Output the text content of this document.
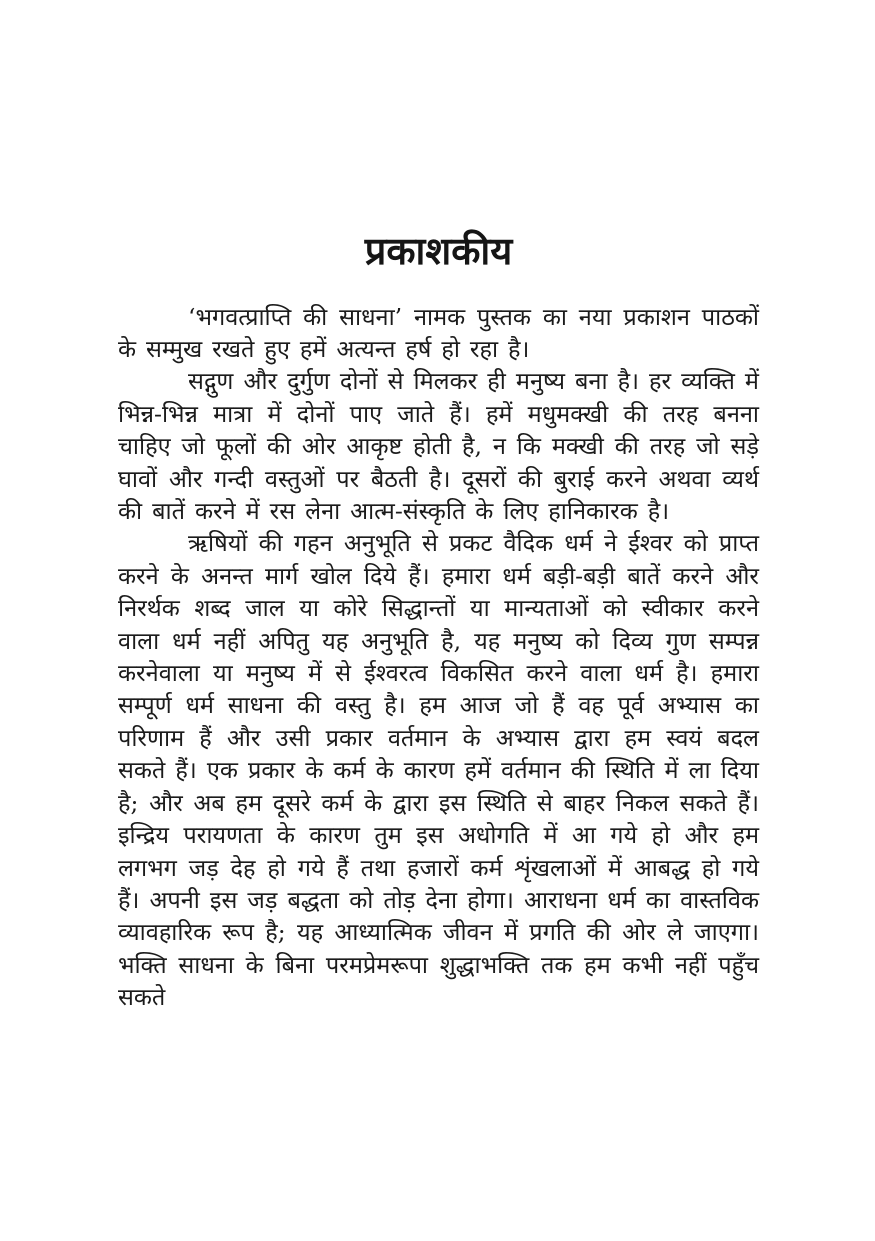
प्रकाशकीय

‘भगवत्प्राप्ति की साधना’ नामक पुस्तक का नया प्रकाशन पाठकों के सम्मुख रखते हुए हमें अत्यन्त हर्ष हो रहा है।

सद्गुण और दुर्गुण दोनों से मिलकर ही मनुष्य बना है। हर व्यक्ति में भिन्न-भिन्न मात्रा में दोनों पाए जाते हैं। हमें मधुमक्खी की तरह बनना चाहिए जो फूलों की ओर आकृष्ट होती है, न कि मक्खी की तरह जो सड़े घावों और गन्दी वस्तुओं पर बैठती है। दूसरों की बुराई करने अथवा व्यर्थ की बातें करने में रस लेना आत्म-संस्कृति के लिए हानिकारक है।

ऋषियों की गहन अनुभूति से प्रकट वैदिक धर्म ने ईश्वर को प्राप्त करने के अनन्त मार्ग खोल दिये हैं। हमारा धर्म बड़ी-बड़ी बातें करने और निरर्थक शब्द जाल या कोरे सिद्धान्तों या मान्यताओं को स्वीकार करने वाला धर्म नहीं अपितु यह अनुभूति है, यह मनुष्य को दिव्य गुण सम्पन्न करनेवाला या मनुष्य में से ईश्वरत्व विकसित करने वाला धर्म है। हमारा सम्पूर्ण धर्म साधना की वस्तु है। हम आज जो हैं वह पूर्व अभ्यास का परिणाम हैं और उसी प्रकार वर्तमान के अभ्यास द्वारा हम स्वयं बदल सकते हैं। एक प्रकार के कर्म के कारण हमें वर्तमान की स्थिति में ला दिया है; और अब हम दूसरे कर्म के द्वारा इस स्थिति से बाहर निकल सकते हैं। इन्द्रिय परायणता के कारण तुम इस अधोगति में आ गये हो और हम लगभग जड़ देह हो गये हैं तथा हजारों कर्म शृंखलाओं में आबद्ध हो गये हैं। अपनी इस जड़ बद्धता को तोड़ देना होगा। आराधना धर्म का वास्तविक व्यावहारिक रूप है; यह आध्यात्मिक जीवन में प्रगति की ओर ले जाएगा। भक्ति साधना के बिना परमप्रेमरूपा शुद्धाभक्ति तक हम कभी नहीं पहुँच सकते
